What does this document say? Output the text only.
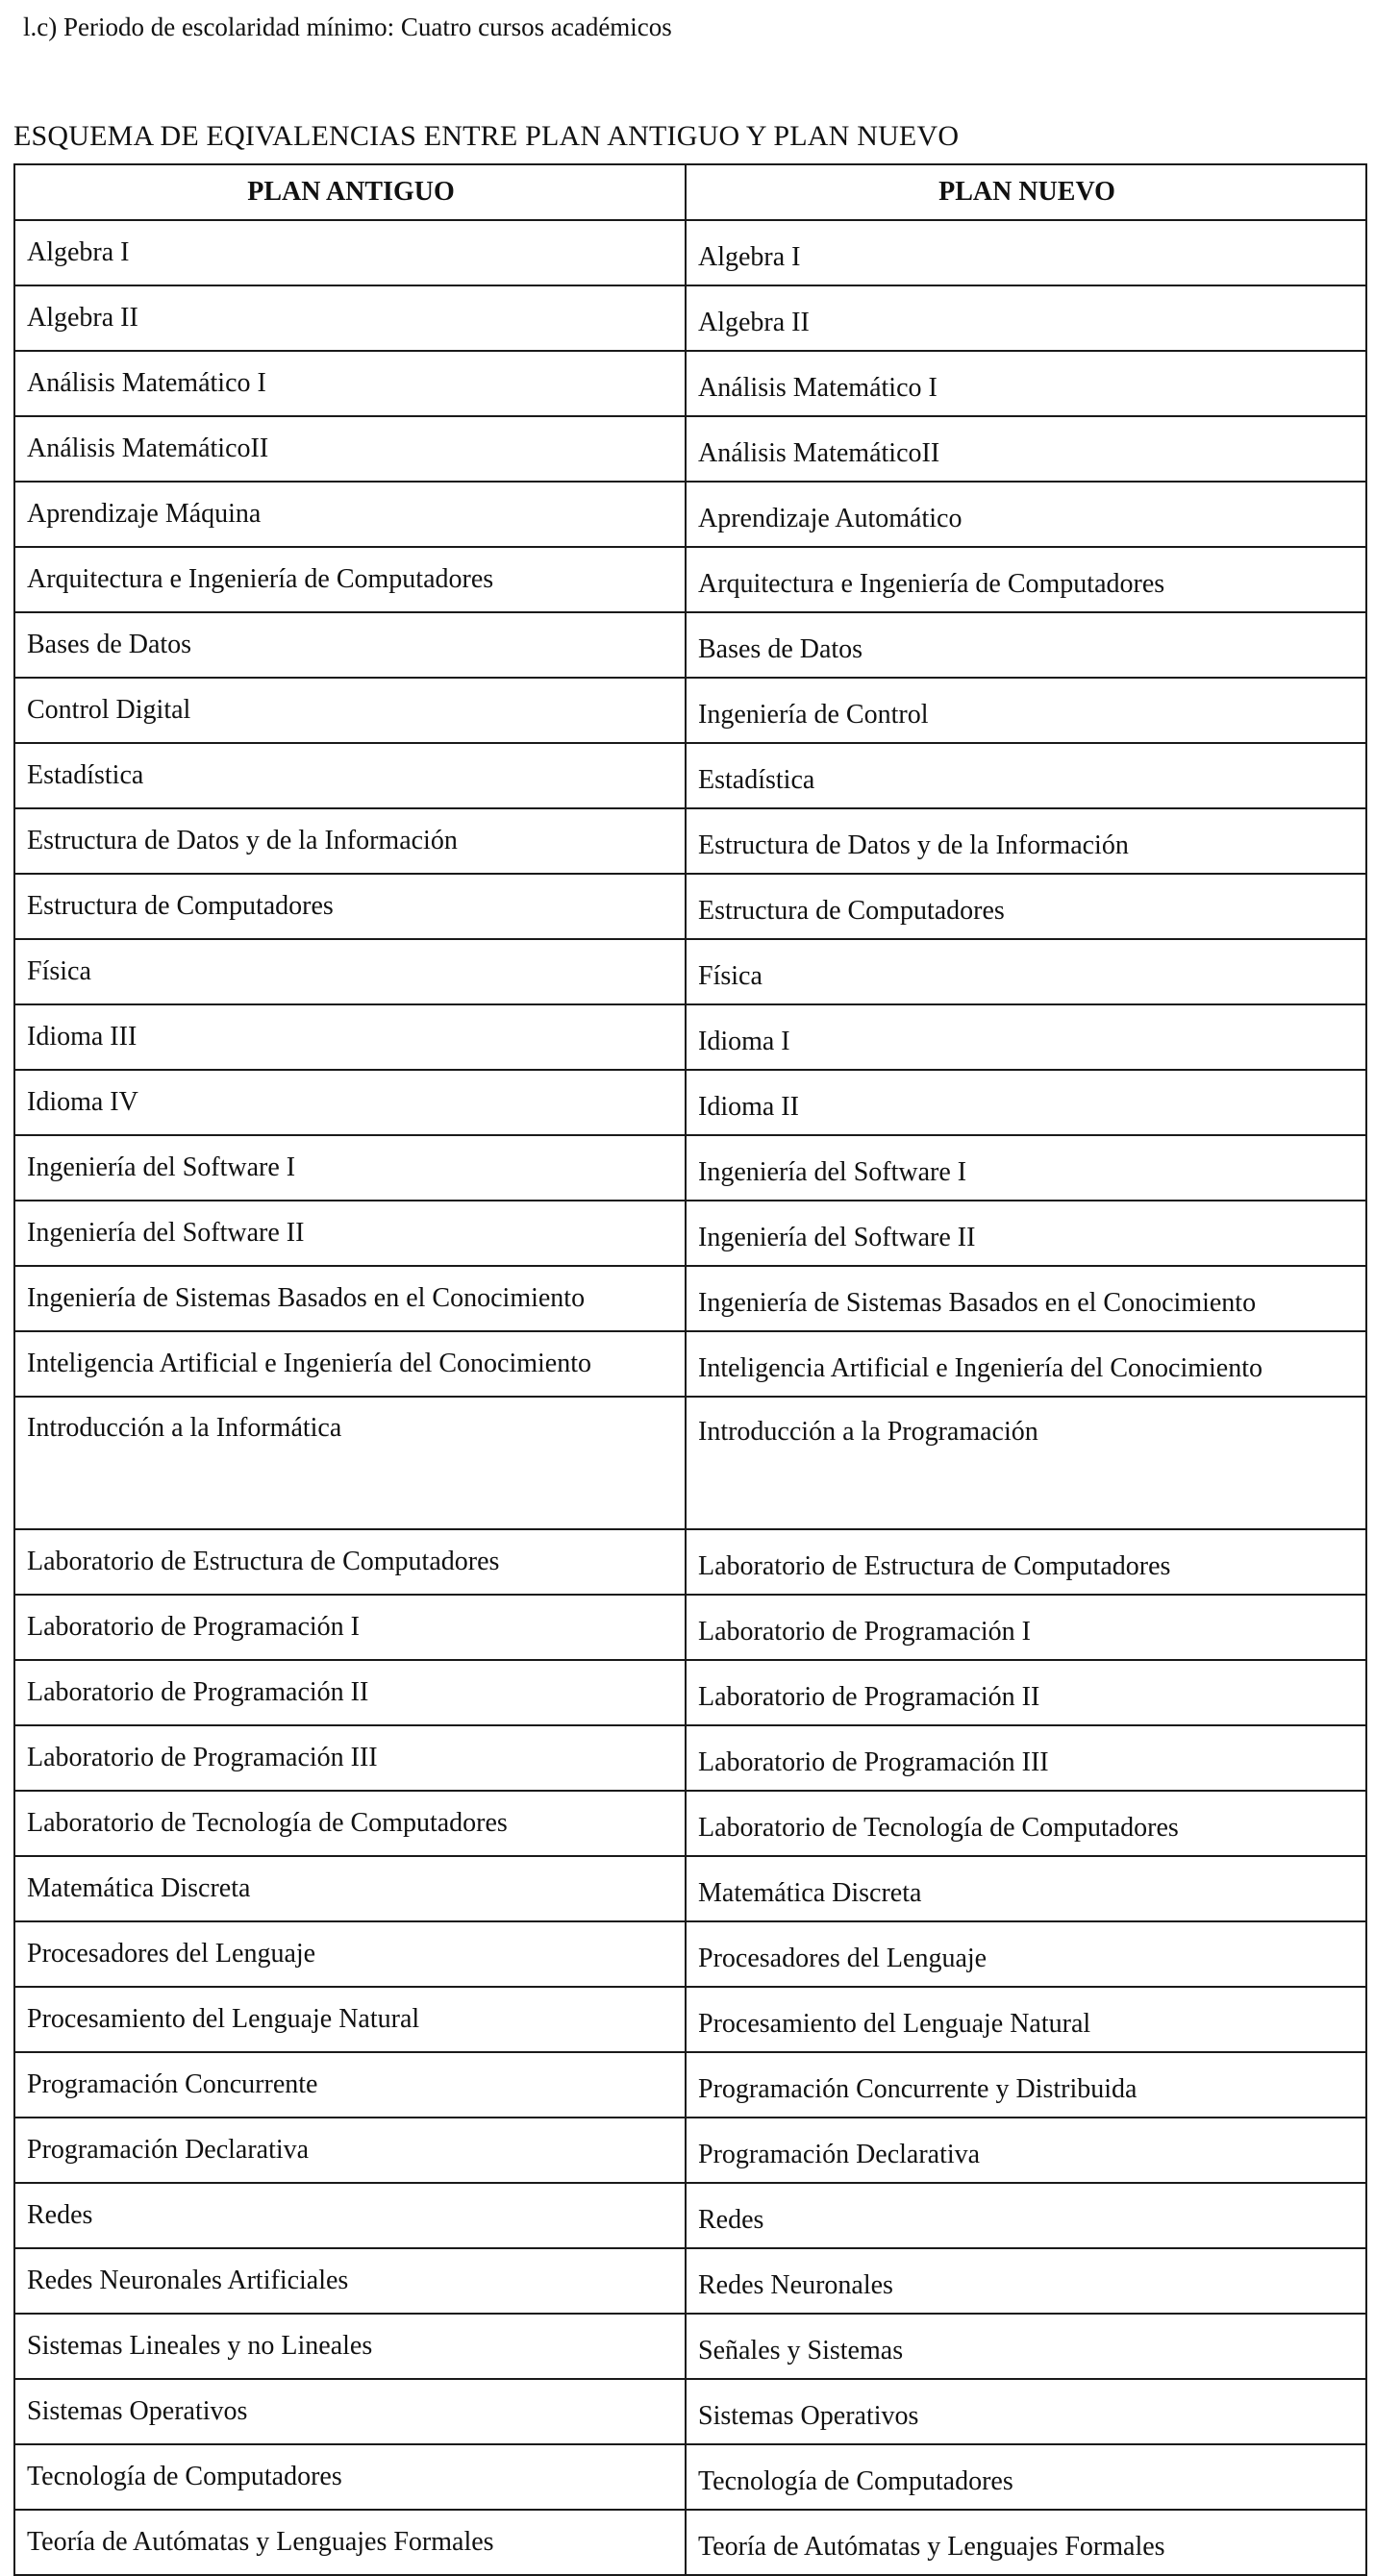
l.c) Periodo de escolaridad mínimo: Cuatro cursos académicos
ESQUEMA DE EQIVALENCIAS ENTRE PLAN ANTIGUO Y PLAN NUEVO
PLAN ANTIGUO	PLAN NUEVO
Algebra I	Algebra I
Algebra II	Algebra II
Análisis Matemático I	Análisis Matemático I
Análisis MatemáticoII	Análisis MatemáticoII
Aprendizaje Máquina	Aprendizaje Automático
Arquitectura e Ingeniería de Computadores	Arquitectura e Ingeniería de Computadores
Bases de Datos	Bases de Datos
Control Digital	Ingeniería de Control
Estadística	Estadística
Estructura de Datos y de la Información	Estructura de Datos y de la Información
Estructura de Computadores	Estructura de Computadores
Física	Física
Idioma III	Idioma I
Idioma IV	Idioma II
Ingeniería del Software I	Ingeniería del Software I
Ingeniería del Software II	Ingeniería del Software II
Ingeniería de Sistemas Basados en el Conocimiento	Ingeniería de Sistemas Basados en el Conocimiento
Inteligencia Artificial e Ingeniería del Conocimiento	Inteligencia Artificial e Ingeniería del Conocimiento
Introducción a la Informática	Introducción a la Programación
Laboratorio de Estructura de Computadores	Laboratorio de Estructura de Computadores
Laboratorio de Programación I	Laboratorio de Programación I
Laboratorio de Programación II	Laboratorio de Programación II
Laboratorio de Programación III	Laboratorio de Programación III
Laboratorio de Tecnología de Computadores	Laboratorio de Tecnología de Computadores
Matemática Discreta	Matemática Discreta
Procesadores del Lenguaje	Procesadores del Lenguaje
Procesamiento del Lenguaje Natural	Procesamiento del Lenguaje Natural
Programación Concurrente	Programación Concurrente y Distribuida
Programación Declarativa	Programación Declarativa
Redes	Redes
Redes Neuronales Artificiales	Redes Neuronales
Sistemas Lineales y no Lineales	Señales y Sistemas
Sistemas Operativos	Sistemas Operativos
Tecnología de Computadores	Tecnología de Computadores
Teoría de Autómatas y Lenguajes Formales	Teoría de Autómatas y Lenguajes Formales
